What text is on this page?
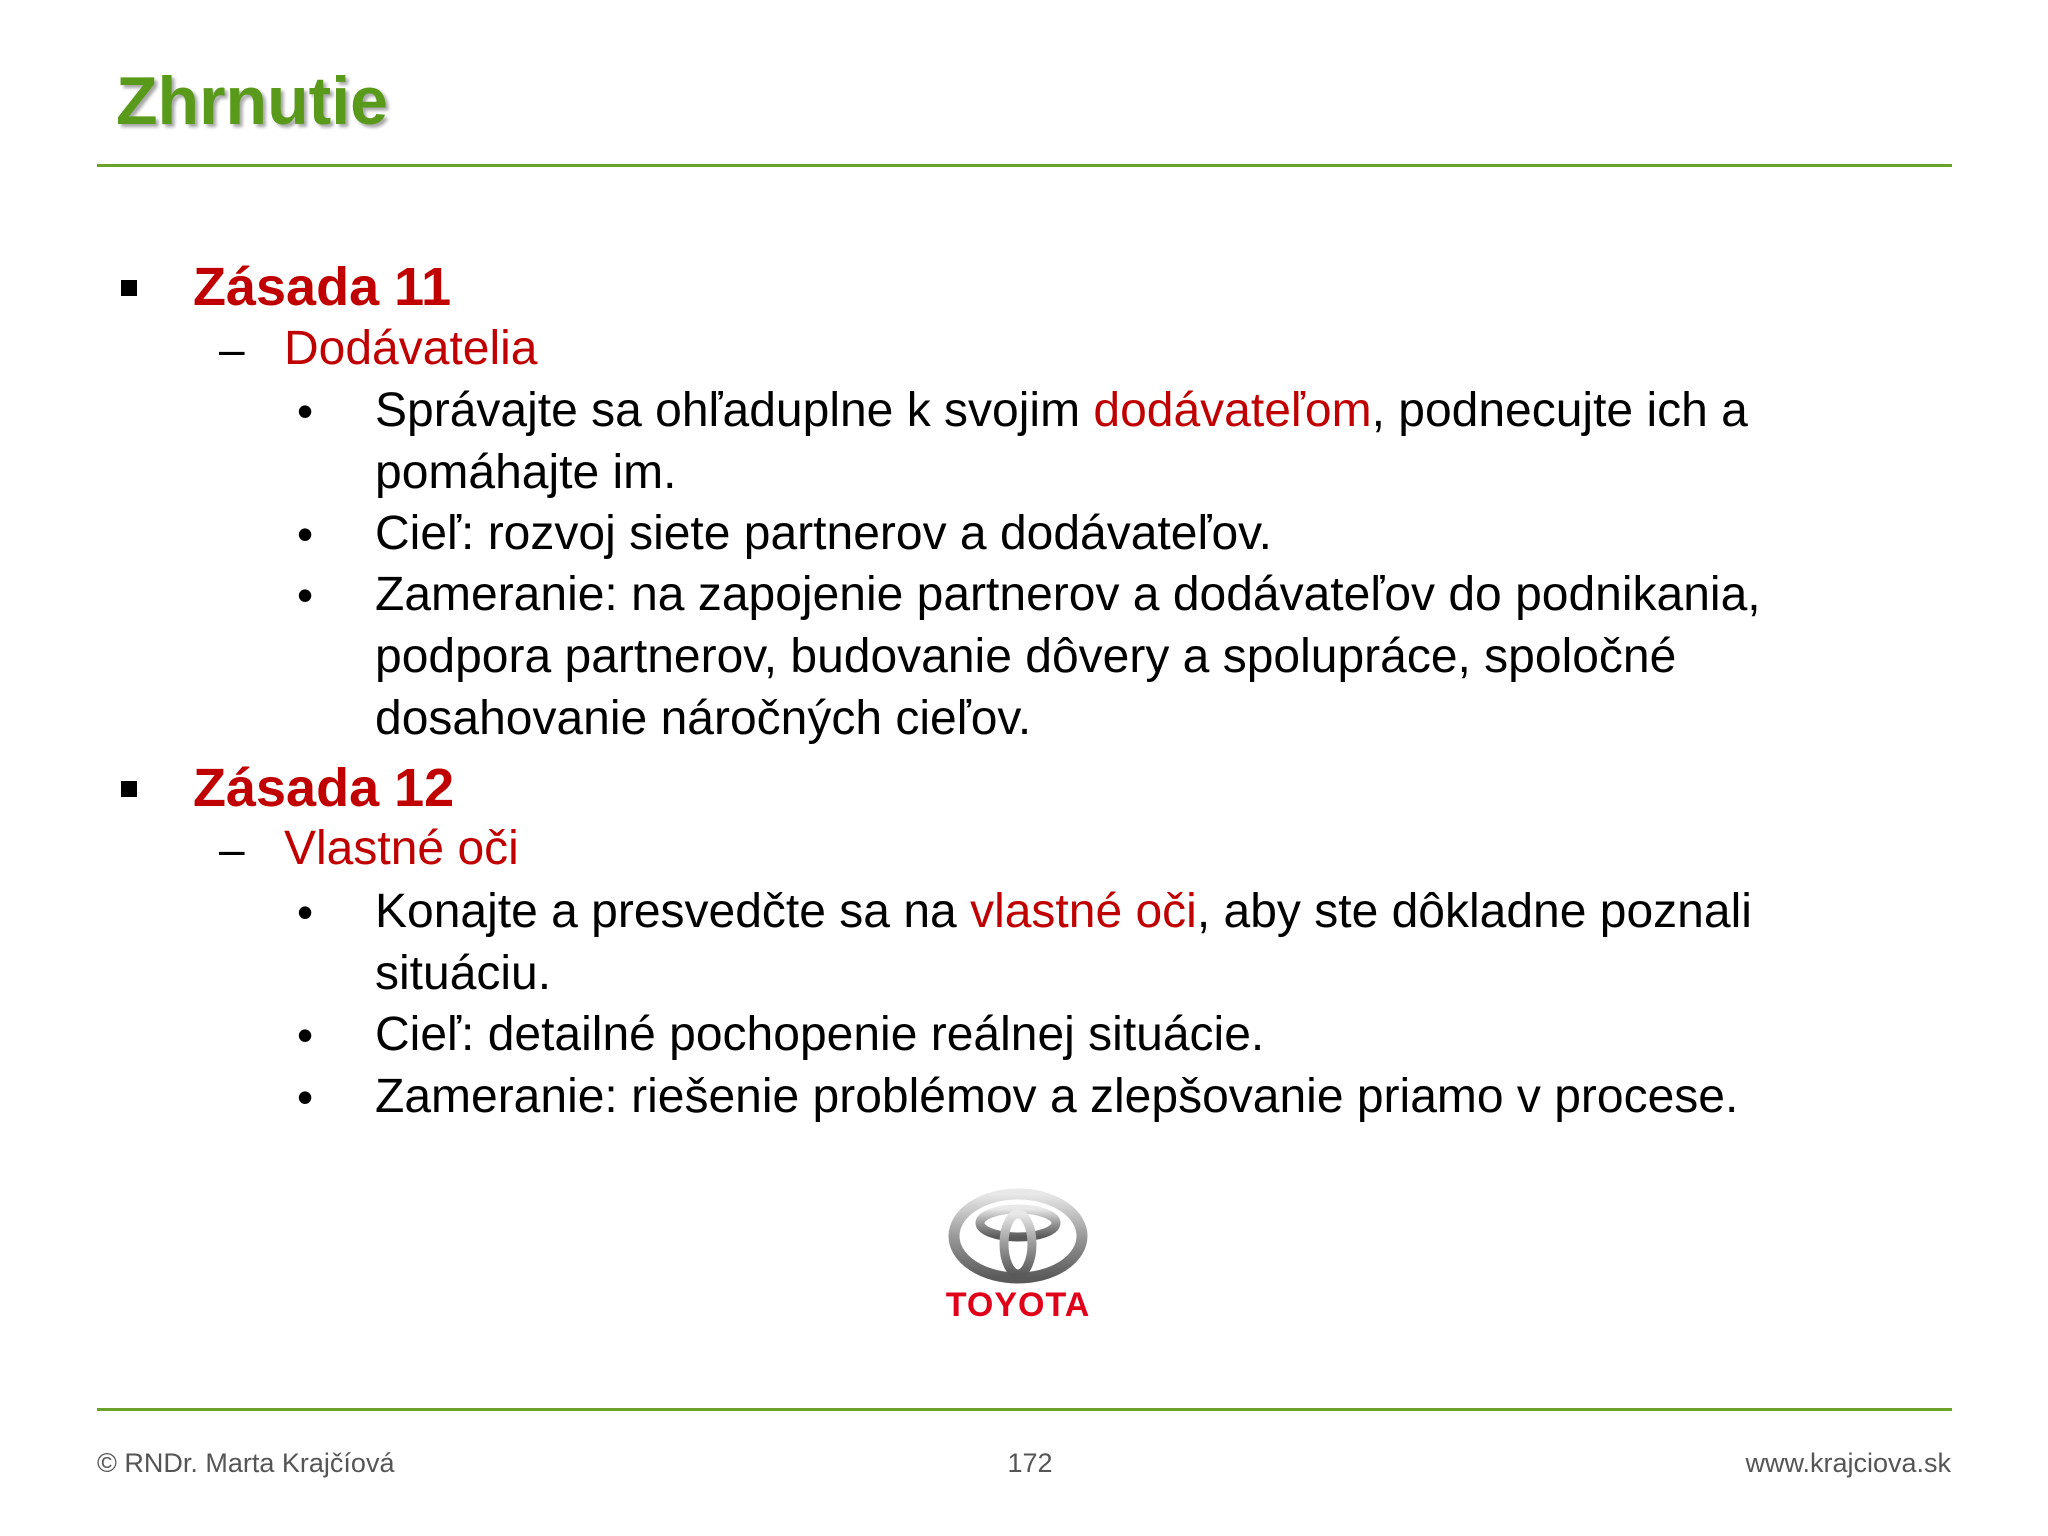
Zhrnutie
Zásada 11
– Dodávatelia
• Správajte sa ohľaduplne k svojim dodávateľom, podnecujte ich a
pomáhajte im.
• Cieľ: rozvoj siete partnerov a dodávateľov.
• Zameranie: na zapojenie partnerov a dodávateľov do podnikania,
podpora partnerov, budovanie dôvery a spolupráce, spoločné
dosahovanie náročných cieľov.
Zásada 12
– Vlastné oči
• Konajte a presvedčte sa na vlastné oči, aby ste dôkladne poznali
situáciu.
• Cieľ: detailné pochopenie reálnej situácie.
• Zameranie: riešenie problémov a zlepšovanie priamo v procese.
TOYOTA
© RNDr. Marta Krajčíová	172	www.krajciova.sk
